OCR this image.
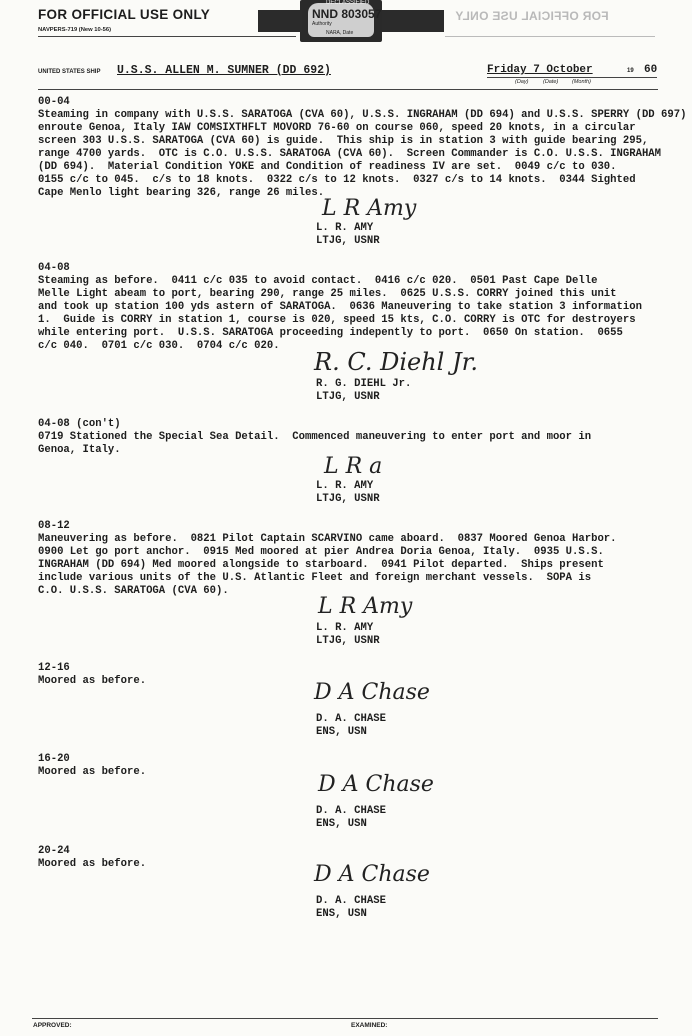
FOR OFFICIAL USE ONLY
NAVPERS-719 (New 10-56)
DECLASSIFIED
NND 803057
Authority
NARA, Date
FOR OFFICIAL USE ONLY
UNITED STATES SHIP U.S.S. ALLEN M. SUMNER (DD 692)	Friday 7 October	19 60
(Day)	(Date) (Month)
00-04
Steaming in company with U.S.S. SARATOGA (CVA 60), U.S.S. INGRAHAM (DD 694) and U.S.S. SPERRY (DD 697)
enroute Genoa, Italy IAW COMSIXTHFLT MOVORD 76-60 on course 060, speed 20 knots, in a circular
screen 303 U.S.S. SARATOGA (CVA 60) is guide.  This ship is in station 3 with guide bearing 295,
range 4700 yards.  OTC is C.O. U.S.S. SARATOGA (CVA 60).  Screen Commander is C.O. U.S.S. INGRAHAM
(DD 694).  Material Condition YOKE and Condition of readiness IV are set.  0049 c/c to 030.
0155 c/c to 045.  c/s to 18 knots.  0322 c/s to 12 knots.  0327 c/s to 14 knots.  0344 Sighted
Cape Menlo light bearing 326, range 26 miles.
L R Amy
L. R. AMY
LTJG, USNR
04-08
Steaming as before.  0411 c/c 035 to avoid contact.  0416 c/c 020.  0501 Past Cape Delle
Melle Light abeam to port, bearing 290, range 25 miles.  0625 U.S.S. CORRY joined this unit
and took up station 100 yds astern of SARATOGA.  0636 Maneuvering to take station 3 information
1.  Guide is CORRY in station 1, course is 020, speed 15 kts, C.O. CORRY is OTC for destroyers
while entering port.  U.S.S. SARATOGA proceeding indepently to port.  0650 On station.  0655
c/c 040.  0701 c/c 030.  0704 c/c 020.
R. C. Diehl Jr.
R. G. DIEHL Jr.
LTJG, USNR
04-08 (con't)
0719 Stationed the Special Sea Detail.  Commenced maneuvering to enter port and moor in
Genoa, Italy.
L R a
L. R. AMY
LTJG, USNR
08-12
Maneuvering as before.  0821 Pilot Captain SCARVINO came aboard.  0837 Moored Genoa Harbor.
0900 Let go port anchor.  0915 Med moored at pier Andrea Doria Genoa, Italy.  0935 U.S.S.
INGRAHAM (DD 694) Med moored alongside to starboard.  0941 Pilot departed.  Ships present
include various units of the U.S. Atlantic Fleet and foreign merchant vessels.  SOPA is
C.O. U.S.S. SARATOGA (CVA 60).
L R Amy
L. R. AMY
LTJG, USNR
12-16
Moored as before.	D A Chase
D. A. CHASE
ENS, USN
16-20
Moored as before.	D A Chase
D. A. CHASE
ENS, USN
20-24
Moored as before.	D A Chase
D. A. CHASE
ENS, USN
APPROVED:	EXAMINED:
